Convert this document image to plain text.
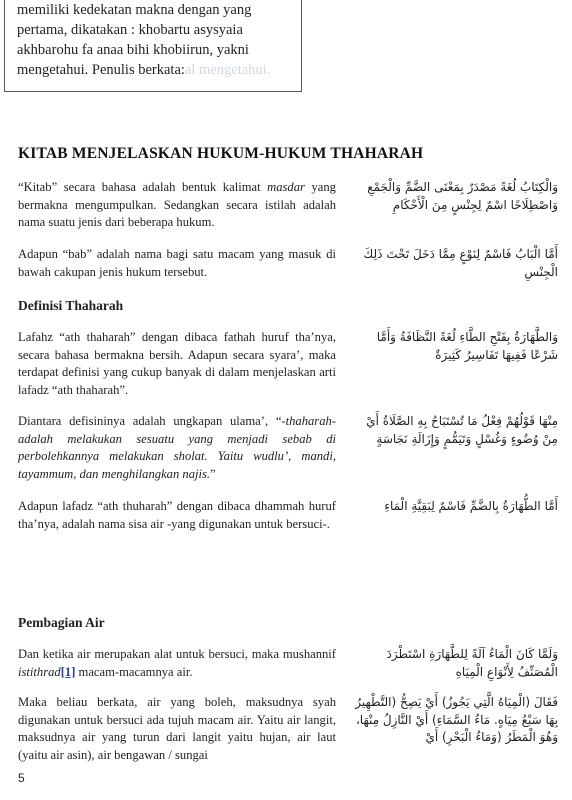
memiliki kedekatan makna dengan yang pertama, dikatakan : khobartu asysyaia akhbarohu fa anaa bihi khobiirun, yakni mengetahui. Penulis berkata:al mengetahui.
KITAB MENJELASKAN HUKUM-HUKUM THAHARAH
وَالْكِتَابُ لُغَةً مَصْدَرٌ بِمَعْنَى الضَّمِّ وَالْجَمْعِ وَاصْطِلَاحًا اسْمٌ لِجِنْسٍ مِنَ الْأَحْكَامِ
“Kitab” secara bahasa adalah bentuk kalimat masdar yang bermakna mengumpulkan. Sedangkan secara istilah adalah nama suatu jenis dari beberapa hukum.
أَمَّا الْبَابُ فَاسْمٌ لِنَوْعٍ مِمَّا دَخَلَ تَحْتَ ذَلِكَ الْجِنْسِ
Adapun “bab” adalah nama bagi satu macam yang masuk di bawah cakupan jenis hukum tersebut.
Definisi Thaharah
وَالطَّهَارَةُ بِفَتْحِ الطَّاءِ لُغَةً النَّظَافَةُ وَأَمَّا شَرْعًا فَفِيهَا تَفَاسِيرُ كَثِيرَةٌ
Lafahz “ath thaharah” dengan dibaca fathah huruf tha’nya, secara bahasa bermakna bersih. Adapun secara syara’, maka terdapat definisi yang cukup banyak di dalam menjelaskan arti lafadz “ath thaharah”.
مِنْهَا قَوْلُهُمْ فِعْلُ مَا تُسْتَبَاحُ بِهِ الصَّلَاةُ أَيْ مِنْ وُضُوءٍ وَغُسْلٍ وَتَيَمُّمٍ وَإِزَالَةِ نَجَاسَةٍ
Diantara defisininya adalah ungkapan ulama’, “-thaharah- adalah melakukan sesuatu yang menjadi sebab di perbolehkannya melakukan sholat. Yaitu wudlu’, mandi, tayammum, dan menghilangkan najis.”
أَمَّا الطُّهَارَةُ بِالضَّمِّ فَاسْمٌ لِبَقِيَّةِ الْمَاءِ
Adapun lafadz “ath thuharah” dengan dibaca dhammah huruf tha’nya, adalah nama sisa air -yang digunakan untuk bersuci-.
Pembagian Air
وَلَمَّا كَانَ الْمَاءُ آلَةً لِلطَّهَارَةِ اسْتَطْرَدَ الْمُصَنِّفُ لِأَنْوَاعِ الْمِيَاهِ
Dan ketika air merupakan alat untuk bersuci, maka mushannif istithrad[1] macam-macamnya air.
فَقَالَ (الْمِيَاهُ الَّتِي يَجُوزُ) أَيْ يَصِحُّ (التَّطْهِيرُ بِهَا سَبْعُ مِيَاهٍ. مَاءُ السَّمَاءِ) أَيْ النَّازِلُ مِنْهَا، وَهُوَ الْمَطَرُ (وَمَاءُ الْبَحْرِ) أَيْ
Maka beliau berkata, air yang boleh, maksudnya syah digunakan untuk bersuci ada tujuh macam air. Yaitu air langit, maksudnya air yang turun dari langit yaitu hujan, air laut (yaitu air asin), air bengawan / sungai
5
